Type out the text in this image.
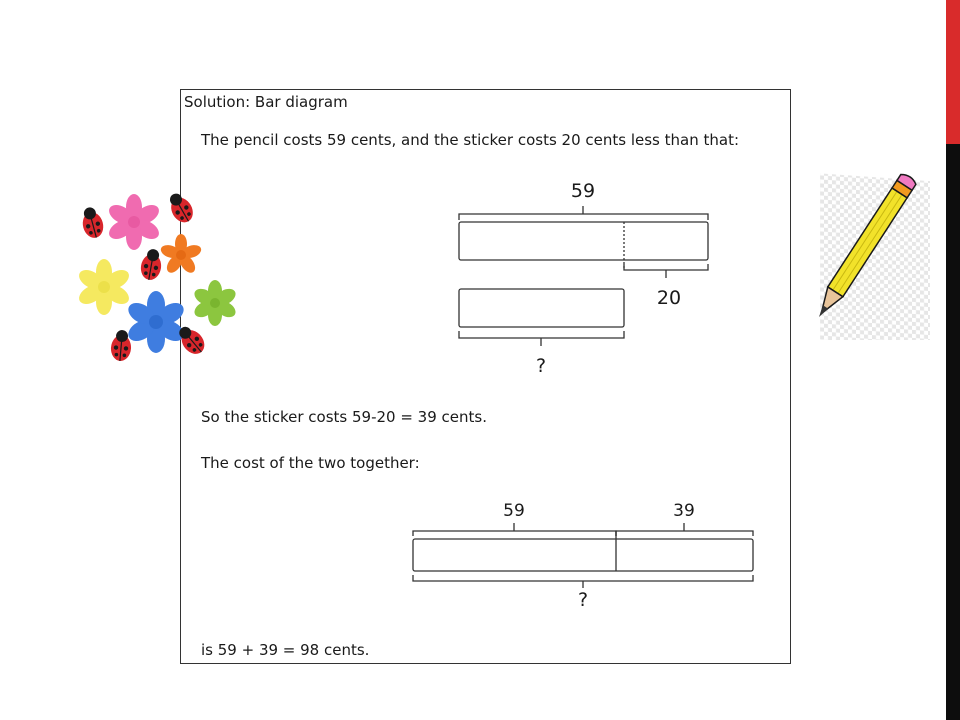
Solution: Bar diagram
The pencil costs 59 cents, and the sticker costs 20 cents less than that:
59
20
?
So the sticker costs 59-20 = 39 cents.
The cost of the two together:
59	39
?
is 59 + 39 = 98 cents.
